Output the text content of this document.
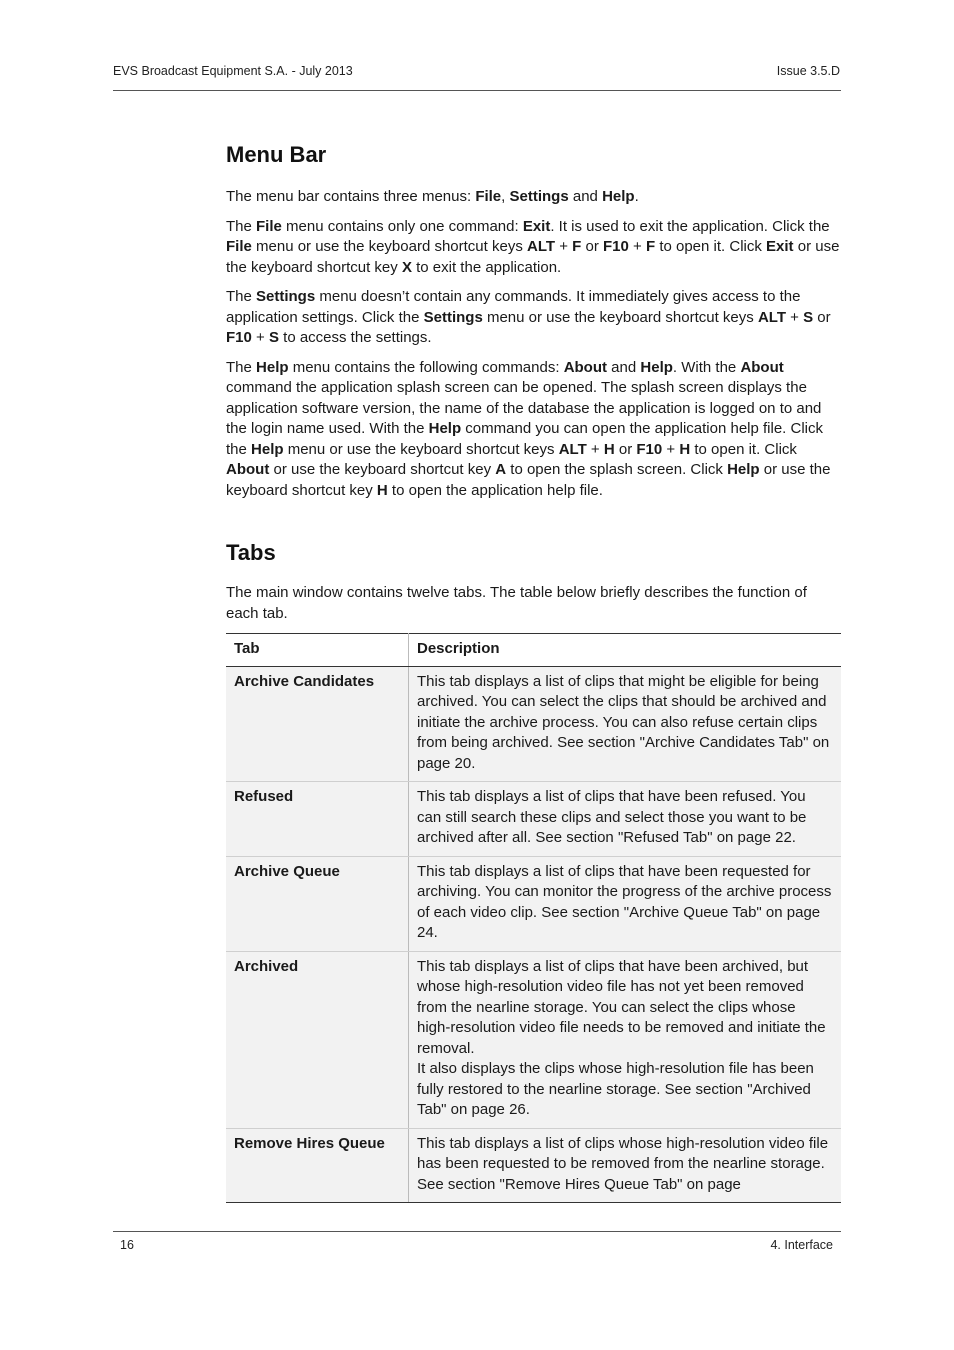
EVS Broadcast Equipment S.A. - July 2013	Issue 3.5.D
Menu Bar

The menu bar contains three menus: File, Settings and Help.

The File menu contains only one command: Exit. It is used to exit the application. Click the File menu or use the keyboard shortcut keys ALT + F or F10 + F to open it. Click Exit or use the keyboard shortcut key X to exit the application.

The Settings menu doesn’t contain any commands. It immediately gives access to the application settings. Click the Settings menu or use the keyboard shortcut keys ALT + S or F10 + S to access the settings.

The Help menu contains the following commands: About and Help. With the About command the application splash screen can be opened. The splash screen displays the application software version, the name of the database the application is logged on to and the login name used. With the Help command you can open the application help file. Click the Help menu or use the keyboard shortcut keys ALT + H or F10 + H to open it. Click About or use the keyboard shortcut key A to open the splash screen. Click Help or use the keyboard shortcut key H to open the application help file.

Tabs

The main window contains twelve tabs. The table below briefly describes the function of each tab.

Tab	Description
Archive Candidates	This tab displays a list of clips that might be eligible for being archived. You can select the clips that should be archived and initiate the archive process. You can also refuse certain clips from being archived. See section "Archive Candidates Tab" on page 20.

Refused	This tab displays a list of clips that have been refused. You can still search these clips and select those you want to be archived after all. See section "Refused Tab" on page 22.

Archive Queue	This tab displays a list of clips that have been requested for archiving. You can monitor the progress of the archive process of each video clip. See section "Archive Queue Tab" on page 24.

Archived	This tab displays a list of clips that have been archived, but whose high-resolution video file has not yet been removed from the nearline storage. You can select the clips whose high-resolution video file needs to be removed and initiate the removal.
It also displays the clips whose high-resolution file has been fully restored to the nearline storage. See section "Archived Tab" on page 26.

Remove Hires Queue	This tab displays a list of clips whose high-resolution video file has been requested to be removed from the nearline storage. See section "Remove Hires Queue Tab" on page
16	4. Interface
